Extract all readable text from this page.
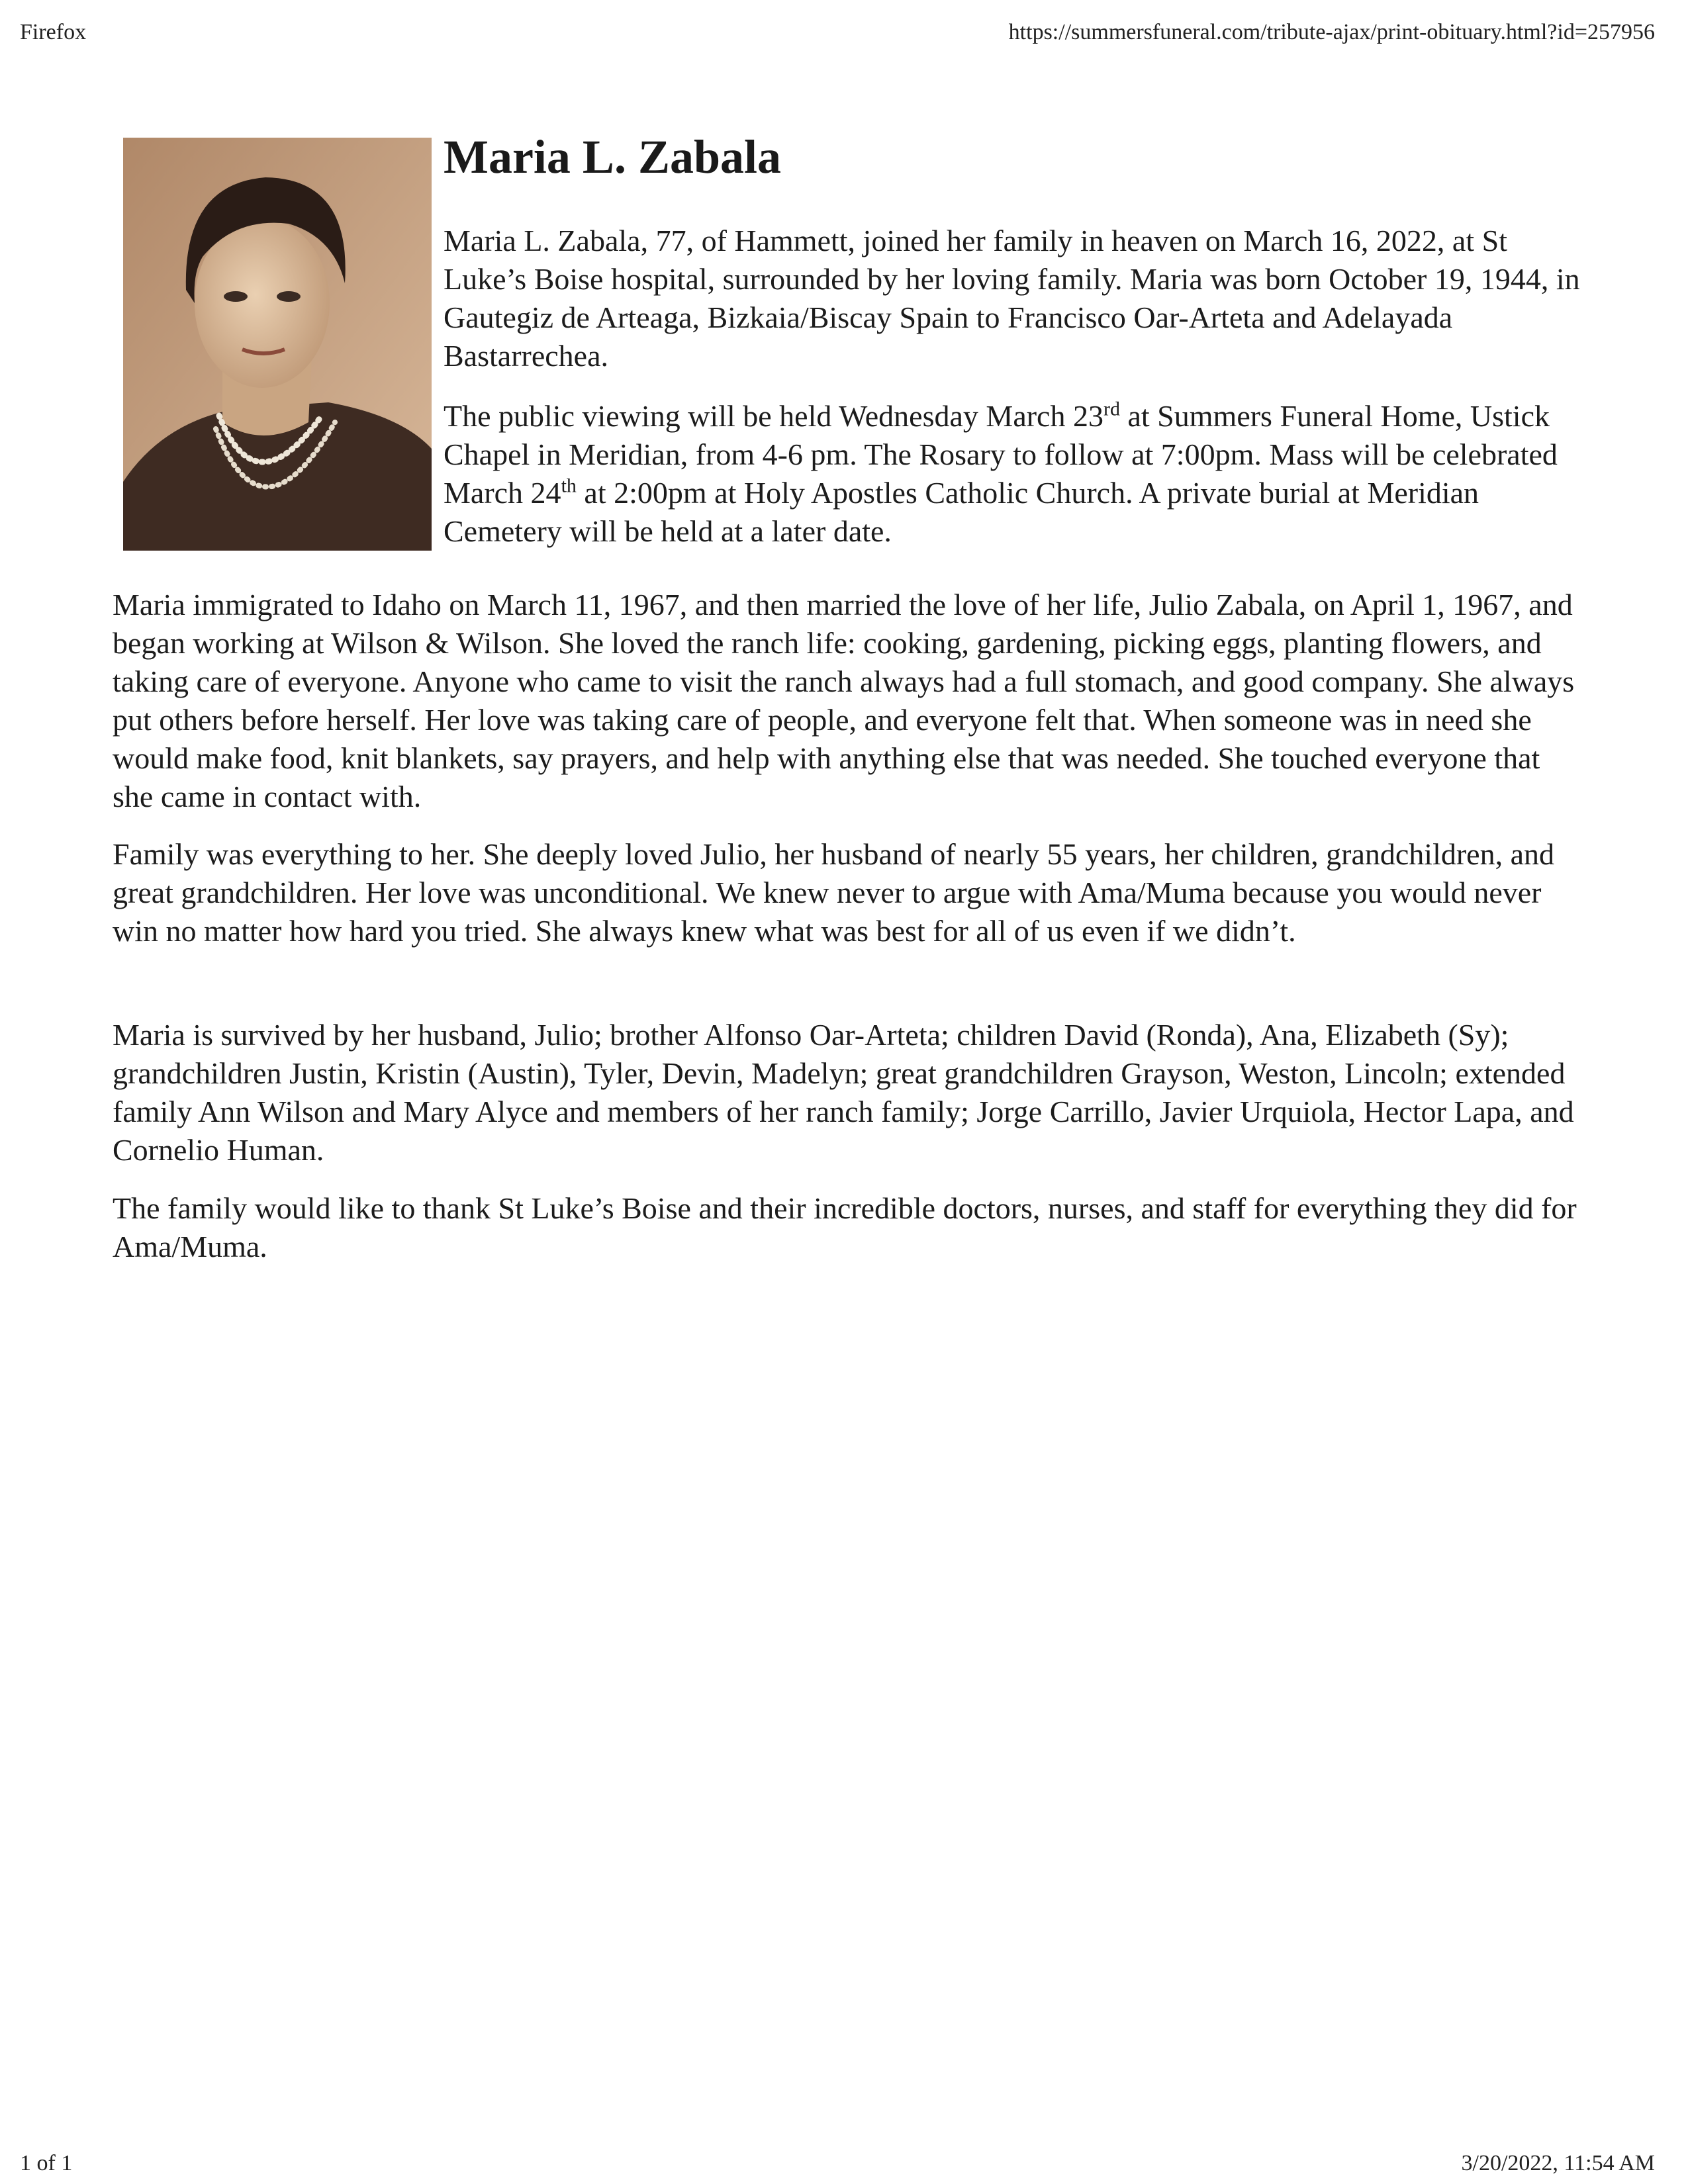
Firefox	https://summersfuneral.com/tribute-ajax/print-obituary.html?id=257956
Maria L. Zabala

Maria L. Zabala, 77, of Hammett, joined her family in heaven on March 16, 2022, at St Luke’s Boise hospital, surrounded by her loving family. Maria was born October 19, 1944, in Gautegiz de Arteaga, Bizkaia/Biscay Spain to Francisco Oar-Arteta and Adelayada Bastarrechea.

The public viewing will be held Wednesday March 23rd at Summers Funeral Home, Ustick Chapel in Meridian, from 4-6 pm. The Rosary to follow at 7:00pm. Mass will be celebrated March 24th at 2:00pm at Holy Apostles Catholic Church. A private burial at Meridian Cemetery will be held at a later date.

Maria immigrated to Idaho on March 11, 1967, and then married the love of her life, Julio Zabala, on April 1, 1967, and began working at Wilson & Wilson. She loved the ranch life: cooking, gardening, picking eggs, planting flowers, and taking care of everyone. Anyone who came to visit the ranch always had a full stomach, and good company. She always put others before herself. Her love was taking care of people, and everyone felt that. When someone was in need she would make food, knit blankets, say prayers, and help with anything else that was needed. She touched everyone that she came in contact with.

Family was everything to her. She deeply loved Julio, her husband of nearly 55 years, her children, grandchildren, and great grandchildren. Her love was unconditional. We knew never to argue with Ama/Muma because you would never win no matter how hard you tried. She always knew what was best for all of us even if we didn’t.

Maria is survived by her husband, Julio; brother Alfonso Oar-Arteta; children David (Ronda), Ana, Elizabeth (Sy); grandchildren Justin, Kristin (Austin), Tyler, Devin, Madelyn; great grandchildren Grayson, Weston, Lincoln; extended family Ann Wilson and Mary Alyce and members of her ranch family; Jorge Carrillo, Javier Urquiola, Hector Lapa, and Cornelio Human.

The family would like to thank St Luke’s Boise and their incredible doctors, nurses, and staff for everything they did for Ama/Muma.

1 of 1	3/20/2022, 11:54 AM
